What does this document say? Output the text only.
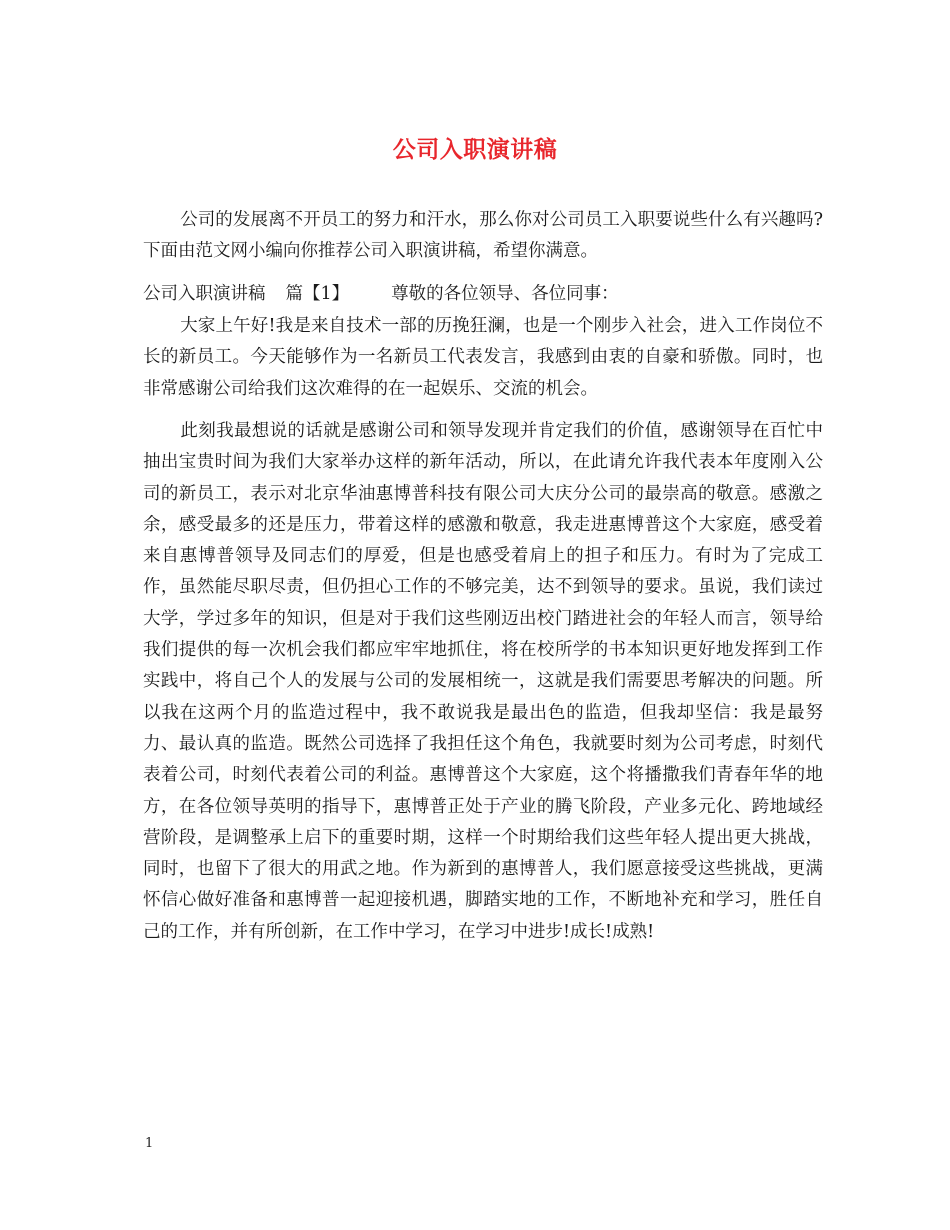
公司入职演讲稿
公司的发展离不开员工的努力和汗水，那么你对公司员工入职要说些什么有兴趣吗?下面由范文网小编向你推荐公司入职演讲稿，希望你满意。
公司入职演讲稿 篇【1】 尊敬的各位领导、各位同事：
大家上午好!我是来自技术一部的历挽狂澜，也是一个刚步入社会，进入工作岗位不长的新员工。今天能够作为一名新员工代表发言，我感到由衷的自豪和骄傲。同时，也非常感谢公司给我们这次难得的在一起娱乐、交流的机会。
此刻我最想说的话就是感谢公司和领导发现并肯定我们的价值，感谢领导在百忙中抽出宝贵时间为我们大家举办这样的新年活动，所以，在此请允许我代表本年度刚入公司的新员工，表示对北京华油惠博普科技有限公司大庆分公司的最崇高的敬意。感激之余，感受最多的还是压力，带着这样的感激和敬意，我走进惠博普这个大家庭，感受着来自惠博普领导及同志们的厚爱，但是也感受着肩上的担子和压力。有时为了完成工作，虽然能尽职尽责，但仍担心工作的不够完美，达不到领导的要求。虽说，我们读过大学，学过多年的知识，但是对于我们这些刚迈出校门踏进社会的年轻人而言，领导给我们提供的每一次机会我们都应牢牢地抓住，将在校所学的书本知识更好地发挥到工作实践中，将自己个人的发展与公司的发展相统一，这就是我们需要思考解决的问题。所以我在这两个月的监造过程中，我不敢说我是最出色的监造，但我却坚信：我是最努力、最认真的监造。既然公司选择了我担任这个角色，我就要时刻为公司考虑，时刻代表着公司，时刻代表着公司的利益。惠博普这个大家庭，这个将播撒我们青春年华的地方，在各位领导英明的指导下，惠博普正处于产业的腾飞阶段，产业多元化、跨地域经营阶段，是调整承上启下的重要时期，这样一个时期给我们这些年轻人提出更大挑战，同时，也留下了很大的用武之地。作为新到的惠博普人，我们愿意接受这些挑战，更满怀信心做好准备和惠博普一起迎接机遇，脚踏实地的工作，不断地补充和学习，胜任自己的工作，并有所创新，在工作中学习，在学习中进步!成长!成熟!
1
